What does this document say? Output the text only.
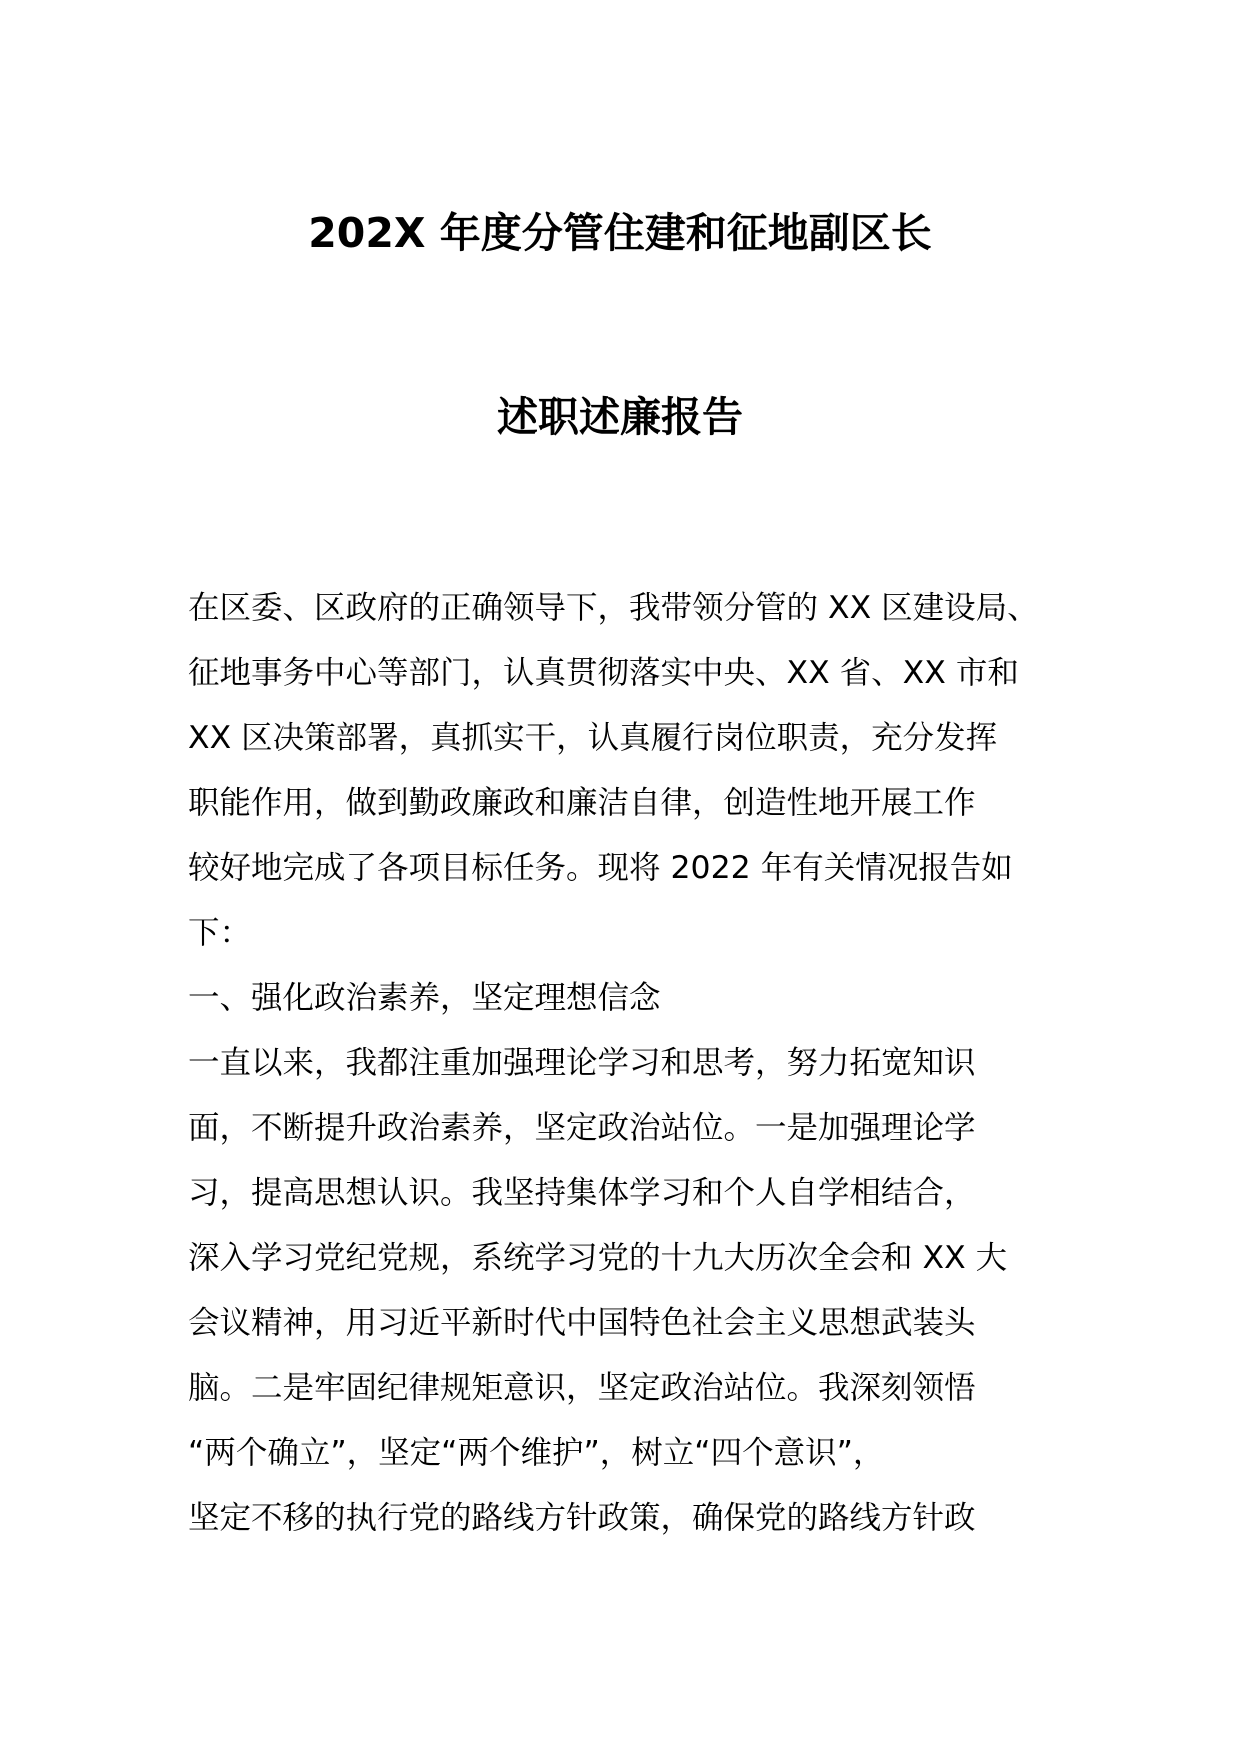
202X 年度分管住建和征地副区长
述职述廉报告
在区委、区政府的正确领导下，我带领分管的 XX 区建设局、
征地事务中心等部门，认真贯彻落实中央、XX 省、XX 市和
XX 区决策部署，真抓实干，认真履行岗位职责，充分发挥
职能作用，做到勤政廉政和廉洁自律，创造性地开展工作
较好地完成了各项目标任务。现将 2022 年有关情况报告如
下：
一、强化政治素养，坚定理想信念
一直以来，我都注重加强理论学习和思考，努力拓宽知识
面，不断提升政治素养，坚定政治站位。一是加强理论学
习，提高思想认识。我坚持集体学习和个人自学相结合，
深入学习党纪党规，系统学习党的十九大历次全会和 XX 大
会议精神，用习近平新时代中国特色社会主义思想武装头
脑。二是牢固纪律规矩意识，坚定政治站位。我深刻领悟
“两个确立”，坚定“两个维护”，树立“四个意识”，
坚定不移的执行党的路线方针政策，确保党的路线方针政
